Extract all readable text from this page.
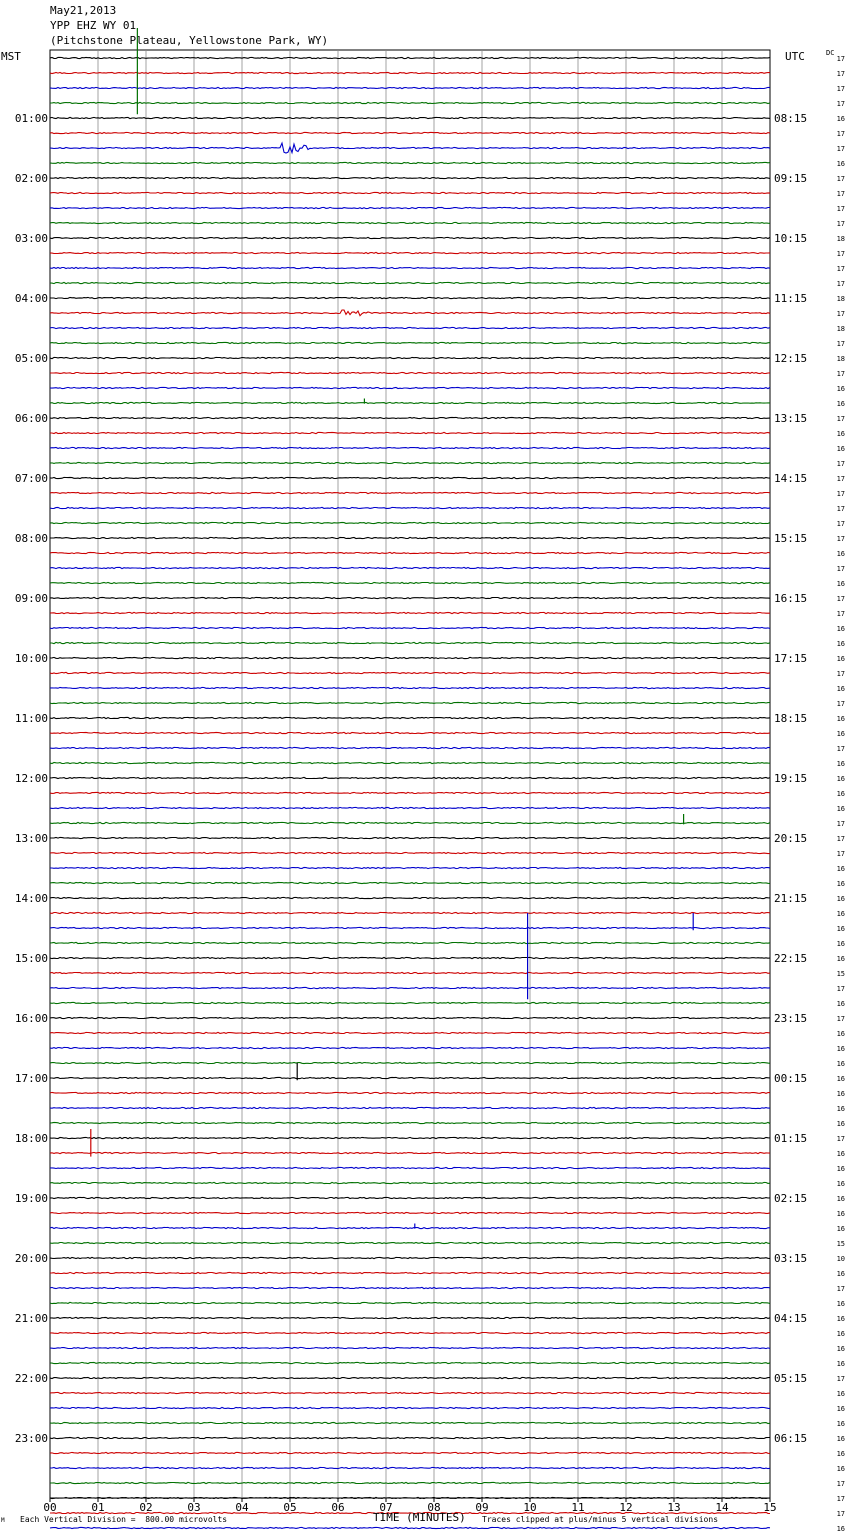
May21,2013
YPP EHZ WY 01
(Pitchstone Plateau, Yellowstone Park, WY)
MST	UTC	DC
17
17
17
17
16
17
17
16
17
17
17
17
18
17
17
17
18
17
18
17
18
17
16
16
17
16
16
17
17
17
17
17
17
16
17
16
17
17
16
16
16
17
16
17
16
16
17
16
16
16
16
17
17
17
16
16
16
16
16
16
16
15
17
16
17
16
16
16
16
16
16
16
17
16
16
16
16
16
16
15
10
16
17
16
16
16
16
16
17
16
16
16
16
16
16
17
17
17
16
01:00
02:00
03:00
04:00
05:00
06:00
07:00
08:00
09:00
10:00
11:00
12:00
13:00
14:00
15:00
16:00
17:00
18:00
19:00
20:00
21:00
22:00
23:00
08:15
09:15
10:15
11:15
12:15
13:15
14:15
15:15
16:15
17:15
18:15
19:15
20:15
21:15
22:15
23:15
00:15
01:15
02:15
03:15
04:15
05:15
06:15
00	01	02	03	04	05	06	07	08	09	10	11	12	13	14	15
M Each Vertical Division =  800.00 microvolts	TIME (MINUTES) Traces clipped at plus/minus 5 vertical divisions
